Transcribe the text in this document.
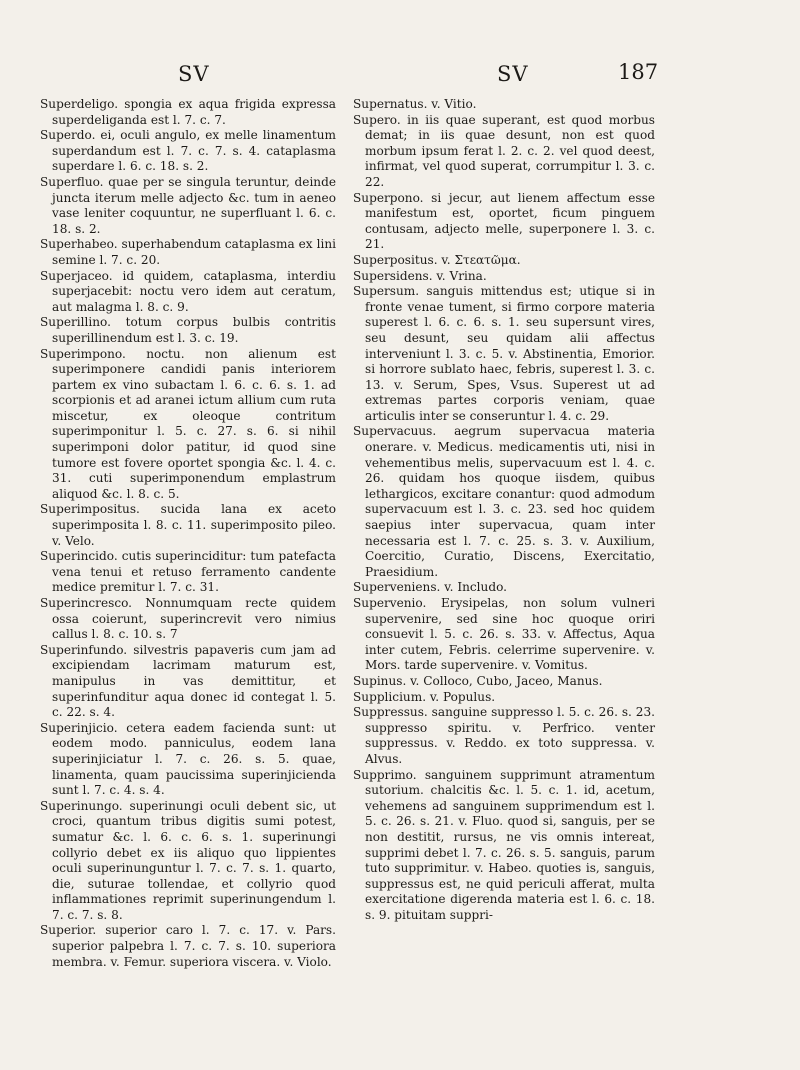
SV	SV	187

Superdeligo. spongia ex aqua frigida expressa superdeliganda est l. 7. c. 7.

Superdo. ei, oculi angulo, ex melle linamentum superdandum est l. 7. c. 7. s. 4. cataplasma superdare l. 6. c. 18. s. 2.

Superfluo. quae per se singula teruntur, deinde juncta iterum melle adjecto &c. tum in aeneo vase leniter coquuntur, ne superfluant l. 6. c. 18. s. 2.

Superhabeo. superhabendum cataplasma ex lini semine l. 7. c. 20.

Superjaceo. id quidem, cataplasma, interdiu superjacebit: noctu vero idem aut ceratum, aut malagma l. 8. c. 9.

Superillino. totum corpus bulbis contritis superillinendum est l. 3. c. 19.

Superimpono. noctu. non alienum est superimponere candidi panis interiorem partem ex vino subactam l. 6. c. 6. s. 1. ad scorpionis et ad aranei ictum allium cum ruta miscetur, ex oleoque contritum superimponitur l. 5. c. 27. s. 6. si nihil superimponi dolor patitur, id quod sine tumore est fovere oportet spongia &c. l. 4. c. 31. cuti superimponendum emplastrum aliquod &c. l. 8. c. 5.

Superimpositus. sucida lana ex aceto superimposita l. 8. c. 11. superimposito pileo. v. Velo.

Superincido. cutis superinciditur: tum patefacta vena tenui et retuso ferramento candente medice premitur l. 7. c. 31.

Superincresco. Nonnumquam recte quidem ossa coierunt, superincrevit vero nimius callus l. 8. c. 10. s. 7

Superinfundo. silvestris papaveris cum jam ad excipiendam lacrimam maturum est, manipulus in vas demittitur, et superinfunditur aqua donec id contegat l. 5. c. 22. s. 4.

Superinjicio. cetera eadem facienda sunt: ut eodem modo. panniculus, eodem lana superinjiciatur l. 7. c. 26. s. 5. quae, linamenta, quam paucissima superinjicienda sunt l. 7. c. 4. s. 4.

Superinungo. superinungi oculi debent sic, ut croci, quantum tribus digitis sumi potest, sumatur &c. l. 6. c. 6. s. 1. superinungi collyrio debet ex iis aliquo quo lippientes oculi superinunguntur l. 7. c. 7. s. 1. quarto, die, suturae tollendae, et collyrio quod inflammationes reprimit superinungendum l. 7. c. 7. s. 8.

Superior. superior caro l. 7. c. 17. v. Pars. superior palpebra l. 7. c. 7. s. 10. superiora membra. v. Femur. superiora viscera. v. Violo.

Supernatus. v. Vitio.

Supero. in iis quae superant, est quod morbus demat; in iis quae desunt, non est quod morbum ipsum ferat l. 2. c. 2. vel quod deest, infirmat, vel quod superat, corrumpitur l. 3. c. 22.

Superpono. si jecur, aut lienem affectum esse manifestum est, oportet, ficum pinguem contusam, adjecto melle, superponere l. 3. c. 21.

Superpositus. v. Στεατῶμα.

Supersidens. v. Vrina.

Supersum. sanguis mittendus est; utique si in fronte venae tument, si firmo corpore materia superest l. 6. c. 6. s. 1. seu supersunt vires, seu desunt, seu quidam alii affectus interveniunt l. 3. c. 5. v. Abstinentia, Emorior. si horrore sublato haec, febris, superest l. 3. c. 13. v. Serum, Spes, Vsus. Superest ut ad extremas partes corporis veniam, quae articulis inter se conseruntur l. 4. c. 29.

Supervacuus. aegrum supervacua materia onerare. v. Medicus. medicamentis uti, nisi in vehementibus melis, supervacuum est l. 4. c. 26. quidam hos quoque iisdem, quibus lethargicos, excitare conantur: quod admodum supervacuum est l. 3. c. 23. sed hoc quidem saepius inter supervacua, quam inter necessaria est l. 7. c. 25. s. 3. v. Auxilium, Coercitio, Curatio, Discens, Exercitatio, Praesidium.

Superveniens. v. Includo.

Supervenio. Erysipelas, non solum vulneri supervenire, sed sine hoc quoque oriri consuevit l. 5. c. 26. s. 33. v. Affectus, Aqua inter cutem, Febris. celerrime supervenire. v. Mors. tarde supervenire. v. Vomitus.

Supinus. v. Colloco, Cubo, Jaceo, Manus.

Supplicium. v. Populus.

Suppressus. sanguine suppresso l. 5. c. 26. s. 23. suppresso spiritu. v. Perfrico. venter suppressus. v. Reddo. ex toto suppressa. v. Alvus.

Supprimo. sanguinem supprimunt atramentum sutorium. chalcitis &c. l. 5. c. 1. id, acetum, vehemens ad sanguinem supprimendum est l. 5. c. 26. s. 21. v. Fluo. quod si, sanguis, per se non destitit, rursus, ne vis omnis intereat, supprimi debet l. 7. c. 26. s. 5. sanguis, parum tuto supprimitur. v. Habeo. quoties is, sanguis, suppressus est, ne quid periculi afferat, multa exercitatione digerenda materia est l. 6. c. 18. s. 9. pituitam suppri-
